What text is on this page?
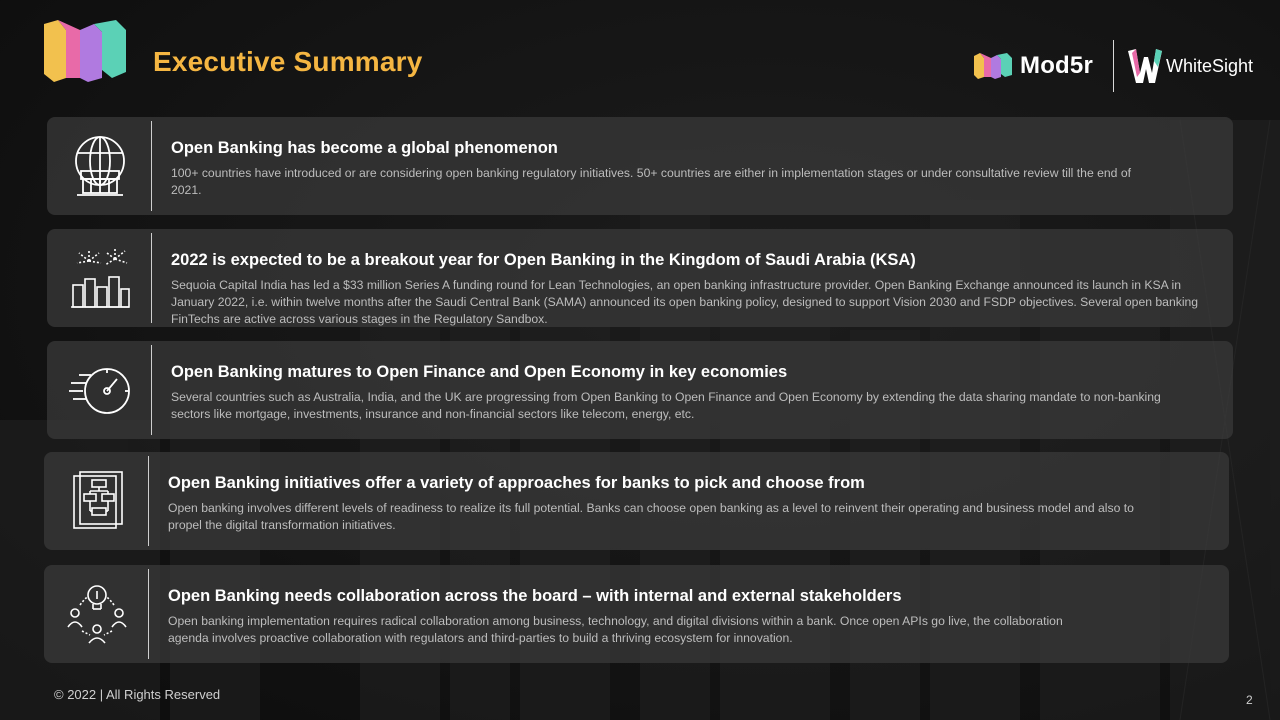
Executive Summary	Mod5r	WhiteSight
Open Banking has become a global phenomenon
100+ countries have introduced or are considering open banking regulatory initiatives. 50+ countries are either in implementation stages or under consultative review till the end of 2021.
2022 is expected to be a breakout year for Open Banking in the Kingdom of Saudi Arabia (KSA)
Sequoia Capital India has led a $33 million Series A funding round for Lean Technologies, an open banking infrastructure provider. Open Banking Exchange announced its launch in KSA in January 2022, i.e. within twelve months after the Saudi Central Bank (SAMA) announced its open banking policy, designed to support Vision 2030 and FSDP objectives. Several open banking FinTechs are active across various stages in the Regulatory Sandbox.
Open Banking matures to Open Finance and Open Economy in key economies
Several countries such as Australia, India, and the UK are progressing from Open Banking to Open Finance and Open Economy by extending the data sharing mandate to non-banking sectors like mortgage, investments, insurance and non-financial sectors like telecom, energy, etc.
Open Banking initiatives offer a variety of approaches for banks to pick and choose from
Open banking involves different levels of readiness to realize its full potential. Banks can choose open banking as a level to reinvent their operating and business model and also to propel the digital transformation initiatives.
Open Banking needs collaboration across the board – with internal and external stakeholders
Open banking implementation requires radical collaboration among business, technology, and digital divisions within a bank. Once open APIs go live, the collaboration agenda involves proactive collaboration with regulators and third-parties to build a thriving ecosystem for innovation.
© 2022 | All Rights Reserved	2
